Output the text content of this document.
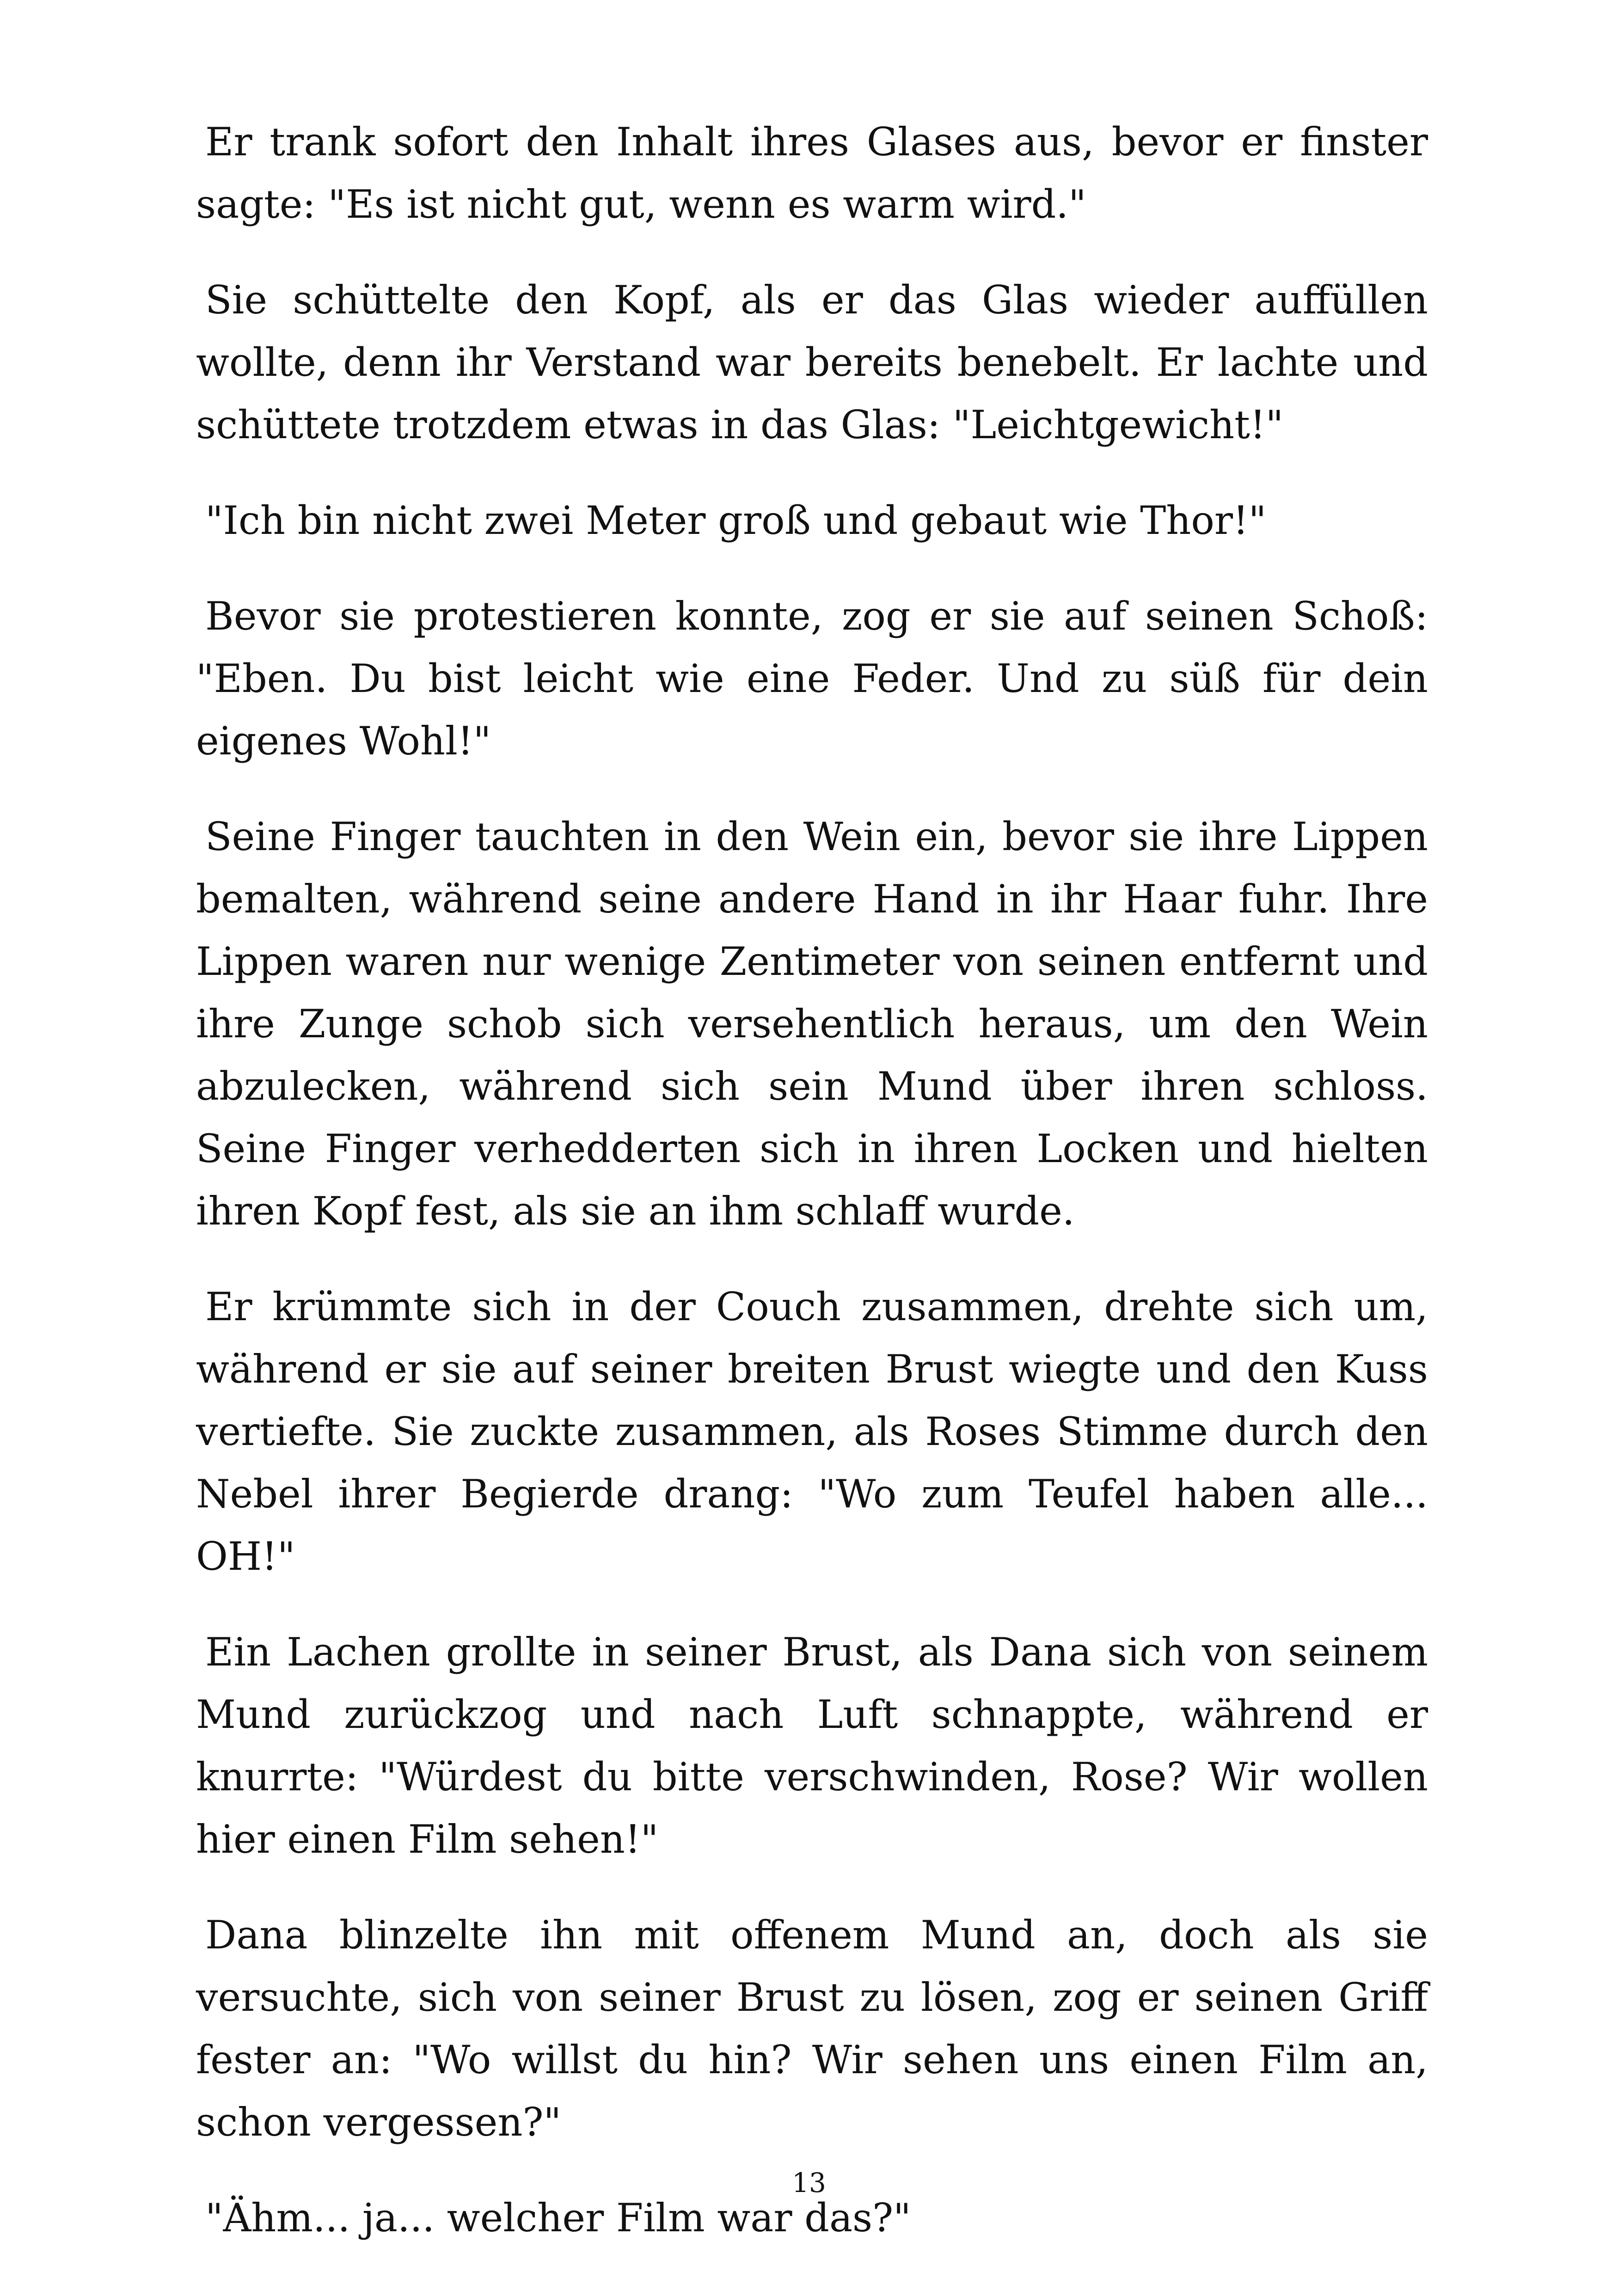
Er trank sofort den Inhalt ihres Glases aus, bevor er finster sagte: "Es ist nicht gut, wenn es warm wird."

Sie schüttelte den Kopf, als er das Glas wieder auffüllen wollte, denn ihr Verstand war bereits benebelt. Er lachte und schüttete trotzdem etwas in das Glas: "Leichtgewicht!"

"Ich bin nicht zwei Meter groß und gebaut wie Thor!"

Bevor sie protestieren konnte, zog er sie auf seinen Schoß: "Eben. Du bist leicht wie eine Feder. Und zu süß für dein eigenes Wohl!"

Seine Finger tauchten in den Wein ein, bevor sie ihre Lippen bemalten, während seine andere Hand in ihr Haar fuhr. Ihre Lippen waren nur wenige Zentimeter von seinen entfernt und ihre Zunge schob sich versehentlich heraus, um den Wein abzulecken, während sich sein Mund über ihren schloss. Seine Finger verhedderten sich in ihren Locken und hielten ihren Kopf fest, als sie an ihm schlaff wurde.

Er krümmte sich in der Couch zusammen, drehte sich um, während er sie auf seiner breiten Brust wiegte und den Kuss vertiefte. Sie zuckte zusammen, als Roses Stimme durch den Nebel ihrer Begierde drang: "Wo zum Teufel haben alle... OH!"

Ein Lachen grollte in seiner Brust, als Dana sich von seinem Mund zurückzog und nach Luft schnappte, während er knurrte: "Würdest du bitte verschwinden, Rose? Wir wollen hier einen Film sehen!"

Dana blinzelte ihn mit offenem Mund an, doch als sie versuchte, sich von seiner Brust zu lösen, zog er seinen Griff fester an: "Wo willst du hin? Wir sehen uns einen Film an, schon vergessen?"

"Ähm... ja... welcher Film war das?"

13
